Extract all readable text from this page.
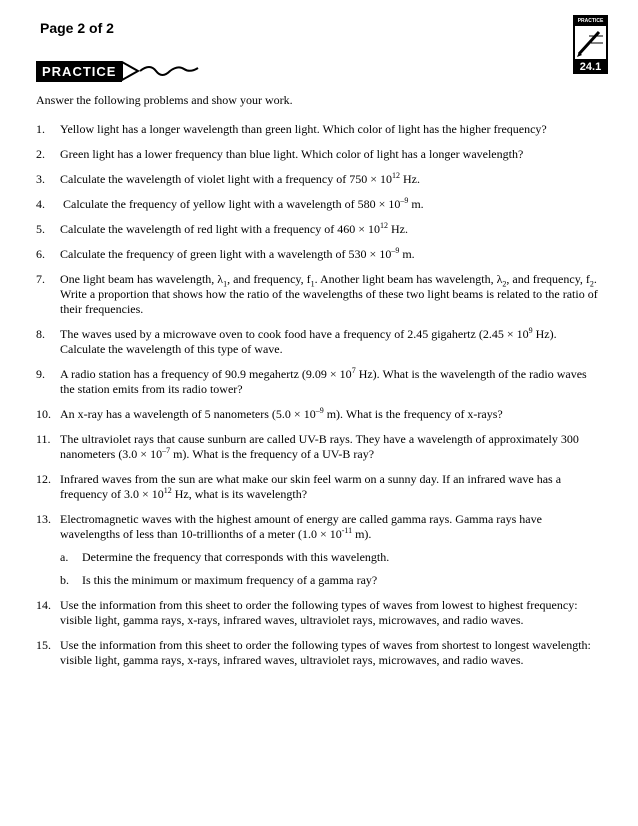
Page 2 of 2	PRACTICE
24.1
PRACTICE

Answer the following problems and show your work.

1.	Yellow light has a longer wavelength than green light. Which color of light has the higher frequency?
2.	Green light has a lower frequency than blue light. Which color of light has a longer wavelength?
3.	Calculate the wavelength of violet light with a frequency of $750 \times 10^{12}$ Hz.
4.	Calculate the frequency of yellow light with a wavelength of $580 \times 10^{-9}$ m.
5.	Calculate the wavelength of red light with a frequency of $460 \times 10^{12}$ Hz.
6.	Calculate the frequency of green light with a wavelength of $530 \times 10^{-9}$ m.
7.	One light beam has wavelength, $\lambda_1$, and frequency, $f_1$. Another light beam has wavelength, $\lambda_2$, and frequency, $f_2$. Write a proportion that shows how the ratio of the wavelengths of these two light beams is related to the ratio of their frequencies.
8.	The waves used by a microwave oven to cook food have a frequency of 2.45 gigahertz ($2.45 \times 10^9$ Hz). Calculate the wavelength of this type of wave.
9.	A radio station has a frequency of 90.9 megahertz ($9.09 \times 10^7$ Hz). What is the wavelength of the radio waves the station emits from its radio tower?
10. An x-ray has a wavelength of 5 nanometers ($5.0 \times 10^{-9}$ m). What is the frequency of x-rays?
11. The ultraviolet rays that cause sunburn are called UV-B rays. They have a wavelength of approximately 300 nanometers ($3.0 \times 10^{-7}$ m). What is the frequency of a UV-B ray?
12. Infrared waves from the sun are what make our skin feel warm on a sunny day. If an infrared wave has a frequency of $3.0 \times 10^{12}$ Hz, what is its wavelength?
13. Electromagnetic waves with the highest amount of energy are called gamma rays. Gamma rays have wavelengths of less than 10-trillionths of a meter ($1.0 \times 10^{-11}$ m).
a.	Determine the frequency that corresponds with this wavelength.
b.	Is this the minimum or maximum frequency of a gamma ray?
14. Use the information from this sheet to order the following types of waves from lowest to highest frequency: visible light, gamma rays, x-rays, infrared waves, ultraviolet rays, microwaves, and radio waves.
15. Use the information from this sheet to order the following types of waves from shortest to longest wavelength: visible light, gamma rays, x-rays, infrared waves, ultraviolet rays, microwaves, and radio waves.
